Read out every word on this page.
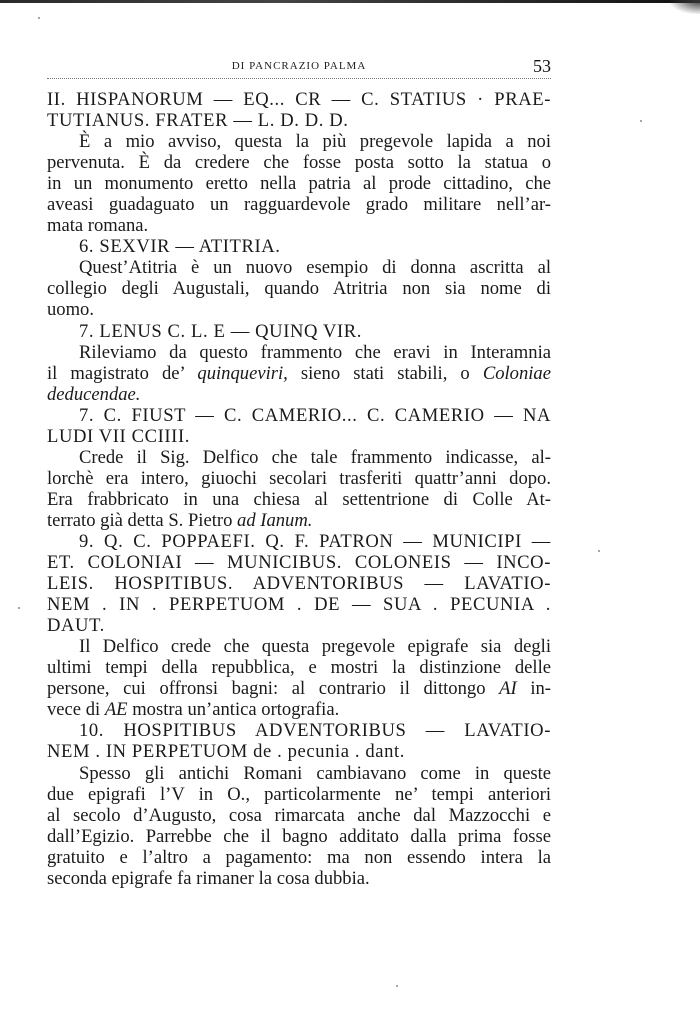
DI PANCRAZIO PALMA	53

II. HISPANORUM — EQ... CR — C. STATIUS · PRAE-

TUTIANUS. FRATER — L. D. D. D.

È a mio avviso, questa la più pregevole lapida a noi

pervenuta. È da credere che fosse posta sotto la statua o

in un monumento eretto nella patria al prode cittadino, che

aveasi guadaguato un ragguardevole grado militare nell’ar-

mata romana.

6. SEXVIR — ATITRIA.

Quest’Atitria è un nuovo esempio di donna ascritta al

collegio degli Augustali, quando Atritria non sia nome di

uomo.

7. LENUS C. L. E — QUINQ VIR.

Rileviamo da questo frammento che eravi in Interamnia

il magistrato de’ quinqueviri, sieno stati stabili, o Coloniae

deducendae.

7. C. FIUST — C. CAMERIO... C. CAMERIO — NA

LUDI VII CCIIII.

Crede il Sig. Delfico che tale frammento indicasse, al-

lorchè era intero, giuochi secolari trasferiti quattr’anni dopo.

Era frabbricato in una chiesa al settentrione di Colle At-

terrato già detta S. Pietro ad Ianum.

9. Q. C. POPPAEFI. Q. F. PATRON — MUNICIPI —

ET. COLONIAI — MUNICIBUS. COLONEIS — INCO-

LEIS. HOSPITIBUS. ADVENTORIBUS — LAVATIO-

NEM . IN . PERPETUOM . DE — SUA . PECUNIA .

DAUT.

Il Delfico crede che questa pregevole epigrafe sia degli

ultimi tempi della repubblica, e mostri la distinzione delle

persone, cui offronsi bagni: al contrario il dittongo AI in-

vece di AE mostra un’antica ortografia.

10. HOSPITIBUS ADVENTORIBUS — LAVATIO-

NEM . IN PERPETUOM de . pecunia . dant.

Spesso gli antichi Romani cambiavano come in queste

due epigrafi l’V in O., particolarmente ne’ tempi anteriori

al secolo d’Augusto, cosa rimarcata anche dal Mazzocchi e

dall’Egizio. Parrebbe che il bagno additato dalla prima fosse

gratuito e l’altro a pagamento: ma non essendo intera la

seconda epigrafe fa rimaner la cosa dubbia.
